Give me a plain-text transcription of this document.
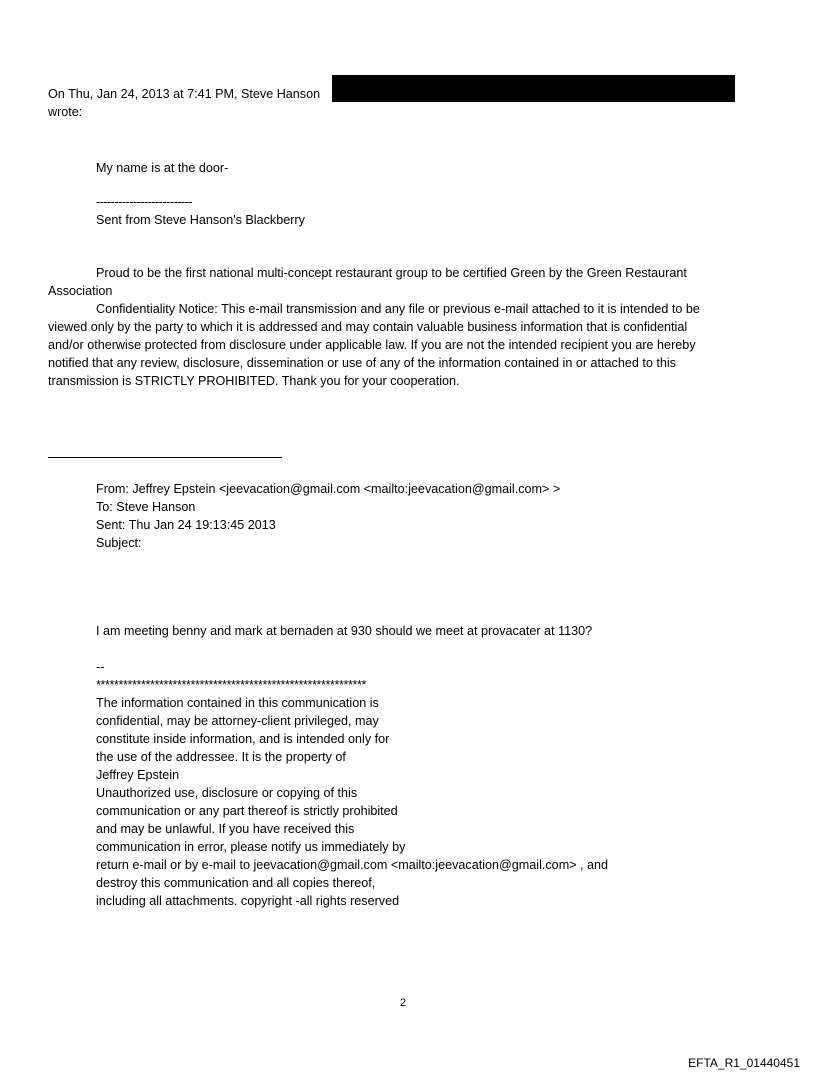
On Thu, Jan 24, 2013 at 7:41 PM, Steve Hanson
wrote:
My name is at the door-
--------------------------
Sent from Steve Hanson's Blackberry
Proud to be the first national multi-concept restaurant group to be certified Green by the Green Restaurant
Association
Confidentiality Notice: This e-mail transmission and any file or previous e-mail attached to it is intended to be
viewed only by the party to which it is addressed and may contain valuable business information that is confidential
and/or otherwise protected from disclosure under applicable law. If you are not the intended recipient you are hereby
notified that any review, disclosure, dissemination or use of any of the information contained in or attached to this
transmission is STRICTLY PROHIBITED. Thank you for your cooperation.
From: Jeffrey Epstein <jeevacation@gmail.com <mailto:jeevacation@gmail.com> >
To: Steve Hanson
Sent: Thu Jan 24 19:13:45 2013
Subject:
I am meeting benny and mark at bernaden at 930 should we meet at provacater at 1130?
--
************************************************************
The information contained in this communication is
confidential, may be attorney-client privileged, may
constitute inside information, and is intended only for
the use of the addressee. It is the property of
Jeffrey Epstein
Unauthorized use, disclosure or copying of this
communication or any part thereof is strictly prohibited
and may be unlawful. If you have received this
communication in error, please notify us immediately by
return e-mail or by e-mail to jeevacation@gmail.com <mailto:jeevacation@gmail.com> , and
destroy this communication and all copies thereof,
including all attachments. copyright -all rights reserved
2
EFTA_R1_01440451
